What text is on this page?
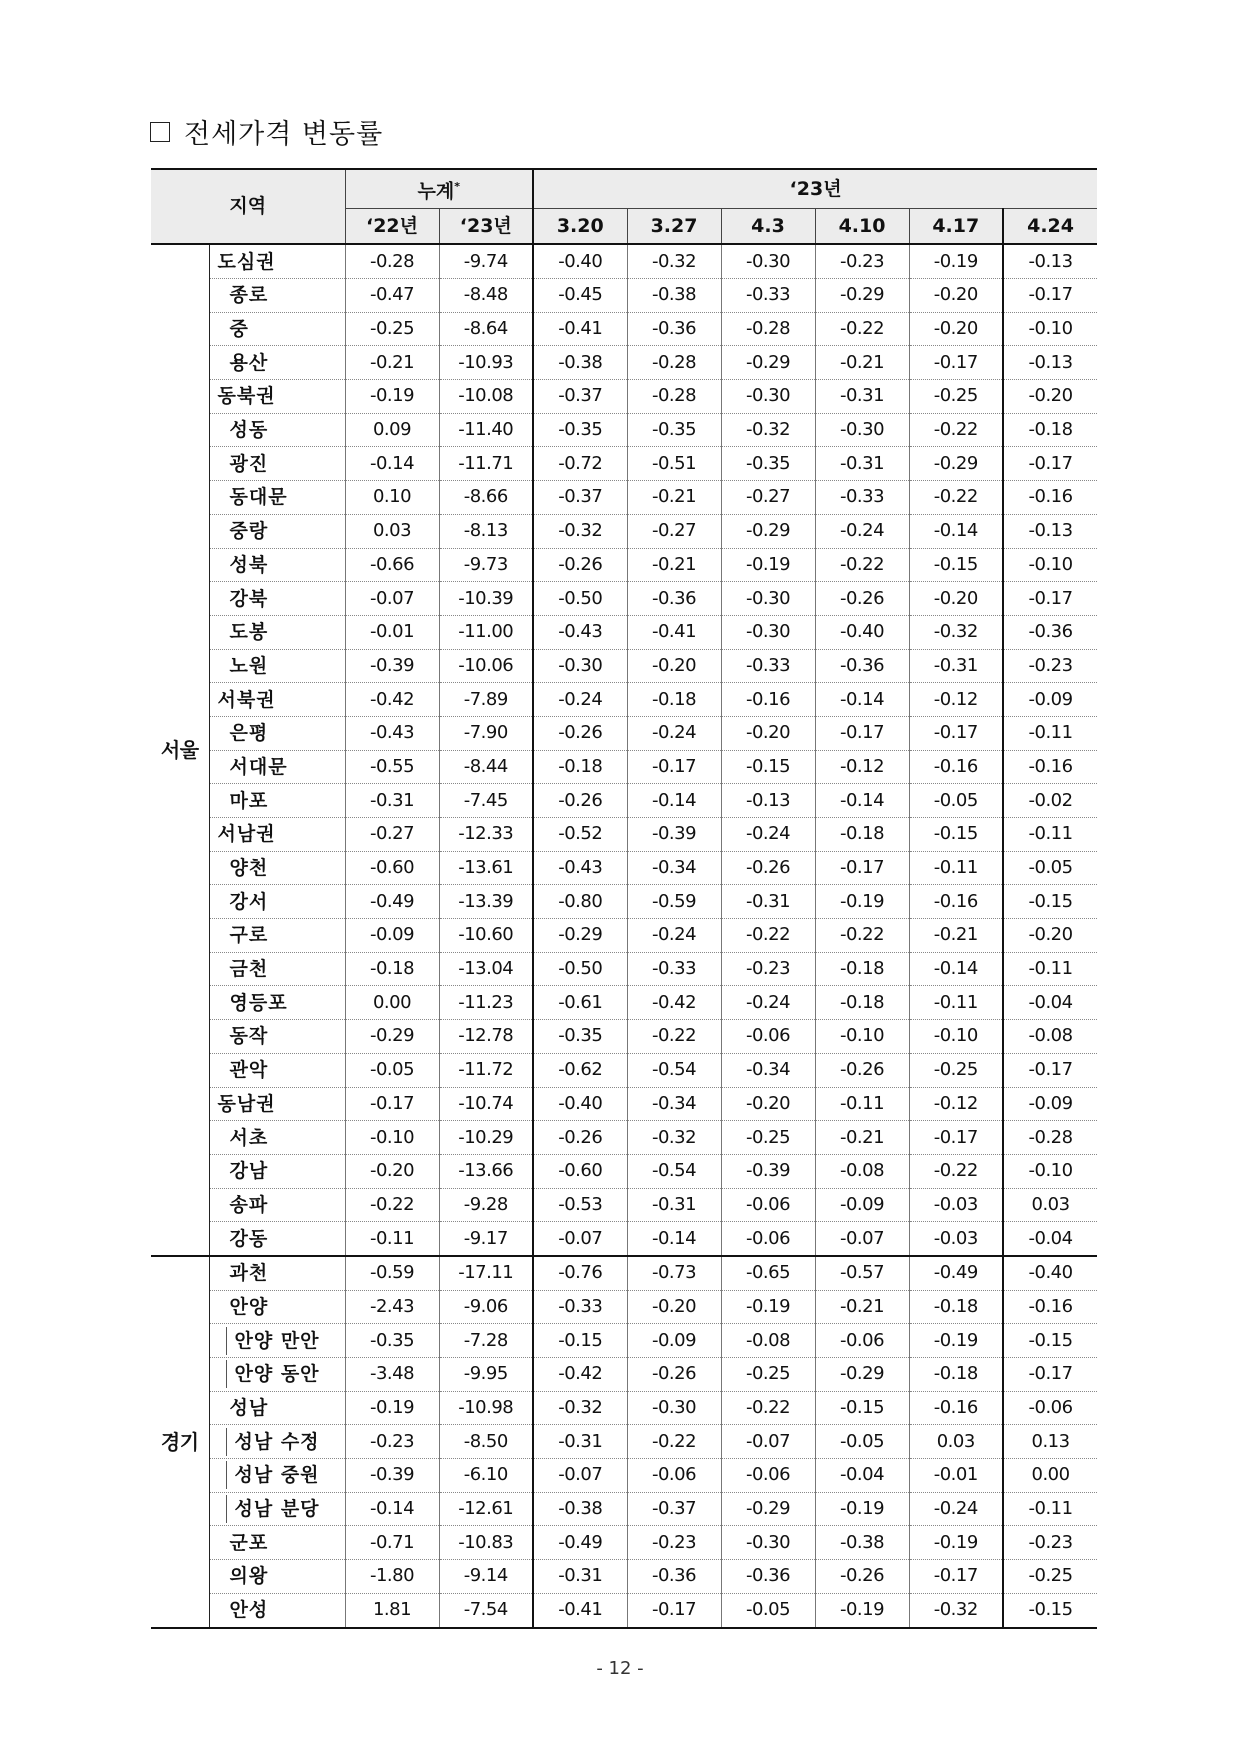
전세가격 변동률
지역		누계*		‘23년					
		‘22년	‘23년	3.20	3.27	4.3	4.10	4.17	4.24
서울	도심권	-0.28	-9.74	-0.40	-0.32	-0.30	-0.23	-0.19	-0.13
	종로	-0.47	-8.48	-0.45	-0.38	-0.33	-0.29	-0.20	-0.17
	중	-0.25	-8.64	-0.41	-0.36	-0.28	-0.22	-0.20	-0.10
	용산	-0.21	-10.93	-0.38	-0.28	-0.29	-0.21	-0.17	-0.13
	동북권	-0.19	-10.08	-0.37	-0.28	-0.30	-0.31	-0.25	-0.20
	성동	0.09	-11.40	-0.35	-0.35	-0.32	-0.30	-0.22	-0.18
	광진	-0.14	-11.71	-0.72	-0.51	-0.35	-0.31	-0.29	-0.17
	동대문	0.10	-8.66	-0.37	-0.21	-0.27	-0.33	-0.22	-0.16
	중랑	0.03	-8.13	-0.32	-0.27	-0.29	-0.24	-0.14	-0.13
	성북	-0.66	-9.73	-0.26	-0.21	-0.19	-0.22	-0.15	-0.10
	강북	-0.07	-10.39	-0.50	-0.36	-0.30	-0.26	-0.20	-0.17
	도봉	-0.01	-11.00	-0.43	-0.41	-0.30	-0.40	-0.32	-0.36
	노원	-0.39	-10.06	-0.30	-0.20	-0.33	-0.36	-0.31	-0.23
	서북권	-0.42	-7.89	-0.24	-0.18	-0.16	-0.14	-0.12	-0.09
	은평	-0.43	-7.90	-0.26	-0.24	-0.20	-0.17	-0.17	-0.11
	서대문	-0.55	-8.44	-0.18	-0.17	-0.15	-0.12	-0.16	-0.16
	마포	-0.31	-7.45	-0.26	-0.14	-0.13	-0.14	-0.05	-0.02
	서남권	-0.27	-12.33	-0.52	-0.39	-0.24	-0.18	-0.15	-0.11
	양천	-0.60	-13.61	-0.43	-0.34	-0.26	-0.17	-0.11	-0.05
	강서	-0.49	-13.39	-0.80	-0.59	-0.31	-0.19	-0.16	-0.15
	구로	-0.09	-10.60	-0.29	-0.24	-0.22	-0.22	-0.21	-0.20
	금천	-0.18	-13.04	-0.50	-0.33	-0.23	-0.18	-0.14	-0.11
	영등포	0.00	-11.23	-0.61	-0.42	-0.24	-0.18	-0.11	-0.04
	동작	-0.29	-12.78	-0.35	-0.22	-0.06	-0.10	-0.10	-0.08
	관악	-0.05	-11.72	-0.62	-0.54	-0.34	-0.26	-0.25	-0.17
	동남권	-0.17	-10.74	-0.40	-0.34	-0.20	-0.11	-0.12	-0.09
	서초	-0.10	-10.29	-0.26	-0.32	-0.25	-0.21	-0.17	-0.28
	강남	-0.20	-13.66	-0.60	-0.54	-0.39	-0.08	-0.22	-0.10
	송파	-0.22	-9.28	-0.53	-0.31	-0.06	-0.09	-0.03	0.03
	강동	-0.11	-9.17	-0.07	-0.14	-0.06	-0.07	-0.03	-0.04
경기	과천	-0.59	-17.11	-0.76	-0.73	-0.65	-0.57	-0.49	-0.40
	안양	-2.43	-9.06	-0.33	-0.20	-0.19	-0.21	-0.18	-0.16
	안양 만안	-0.35	-7.28	-0.15	-0.09	-0.08	-0.06	-0.19	-0.15
	안양 동안	-3.48	-9.95	-0.42	-0.26	-0.25	-0.29	-0.18	-0.17
	성남	-0.19	-10.98	-0.32	-0.30	-0.22	-0.15	-0.16	-0.06
	성남 수정	-0.23	-8.50	-0.31	-0.22	-0.07	-0.05	0.03	0.13
	성남 중원	-0.39	-6.10	-0.07	-0.06	-0.06	-0.04	-0.01	0.00
	성남 분당	-0.14	-12.61	-0.38	-0.37	-0.29	-0.19	-0.24	-0.11
	군포	-0.71	-10.83	-0.49	-0.23	-0.30	-0.38	-0.19	-0.23
	의왕	-1.80	-9.14	-0.31	-0.36	-0.36	-0.26	-0.17	-0.25
	안성	1.81	-7.54	-0.41	-0.17	-0.05	-0.19	-0.32	-0.15
- 12 -
